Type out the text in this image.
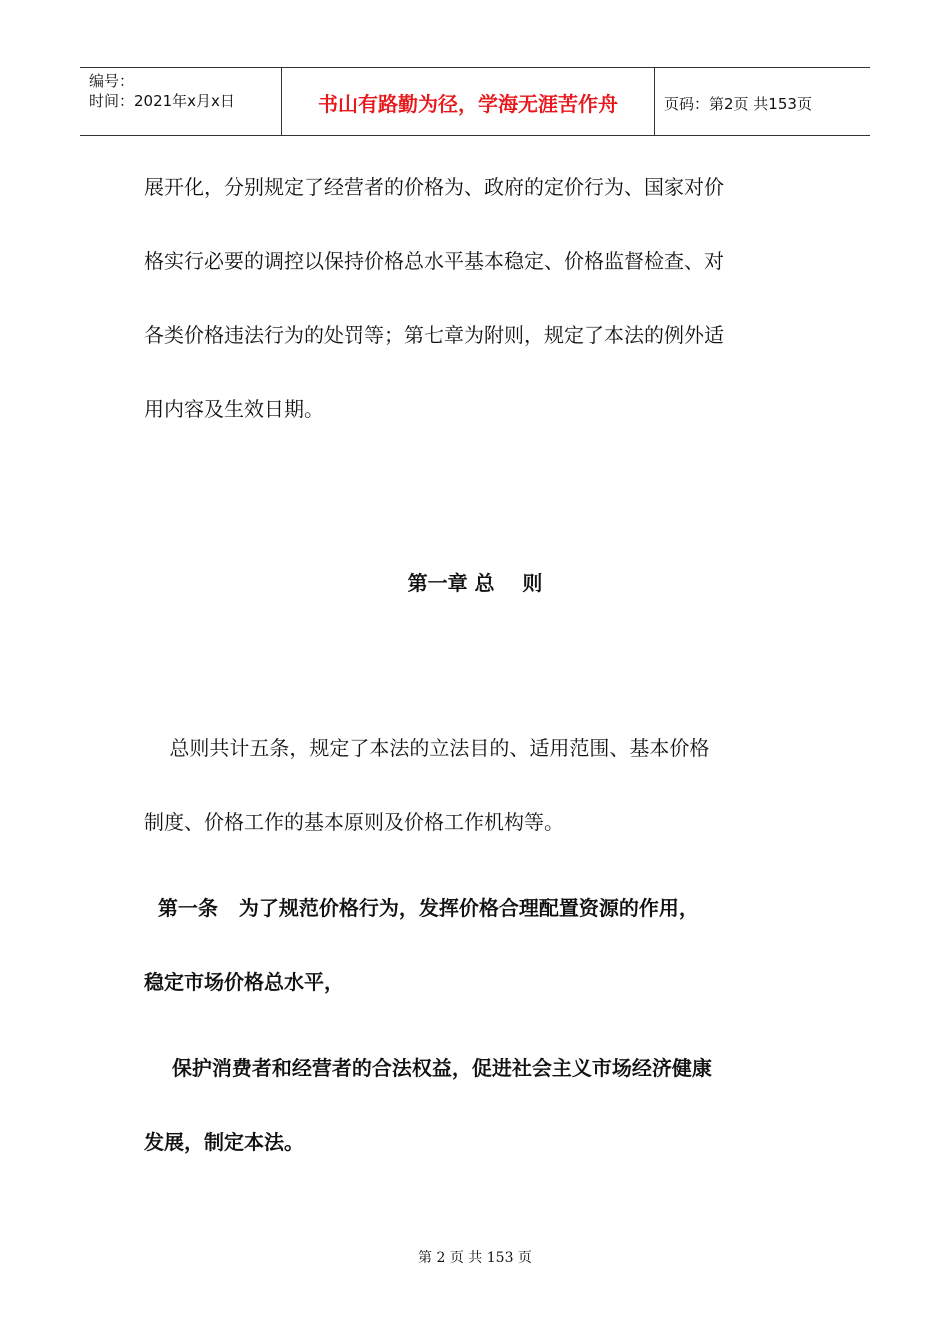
编号：
时间：2021年x月x日	书山有路勤为径，学海无涯苦作舟	页码：第2页 共153页
展开化，分别规定了经营者的价格为、政府的定价行为、国家对价
格实行必要的调控以保持价格总水平基本稳定、价格监督检查、对
各类价格违法行为的处罚等；第七章为附则，规定了本法的例外适
用内容及生效日期。
第一章 总    则
总则共计五条，规定了本法的立法目的、适用范围、基本价格
制度、价格工作的基本原则及价格工作机构等。
第一条   为了规范价格行为，发挥价格合理配置资源的作用，
稳定市场价格总水平，
保护消费者和经营者的合法权益，促进社会主义市场经济健康
发展，制定本法。
第 2 页 共 153 页
